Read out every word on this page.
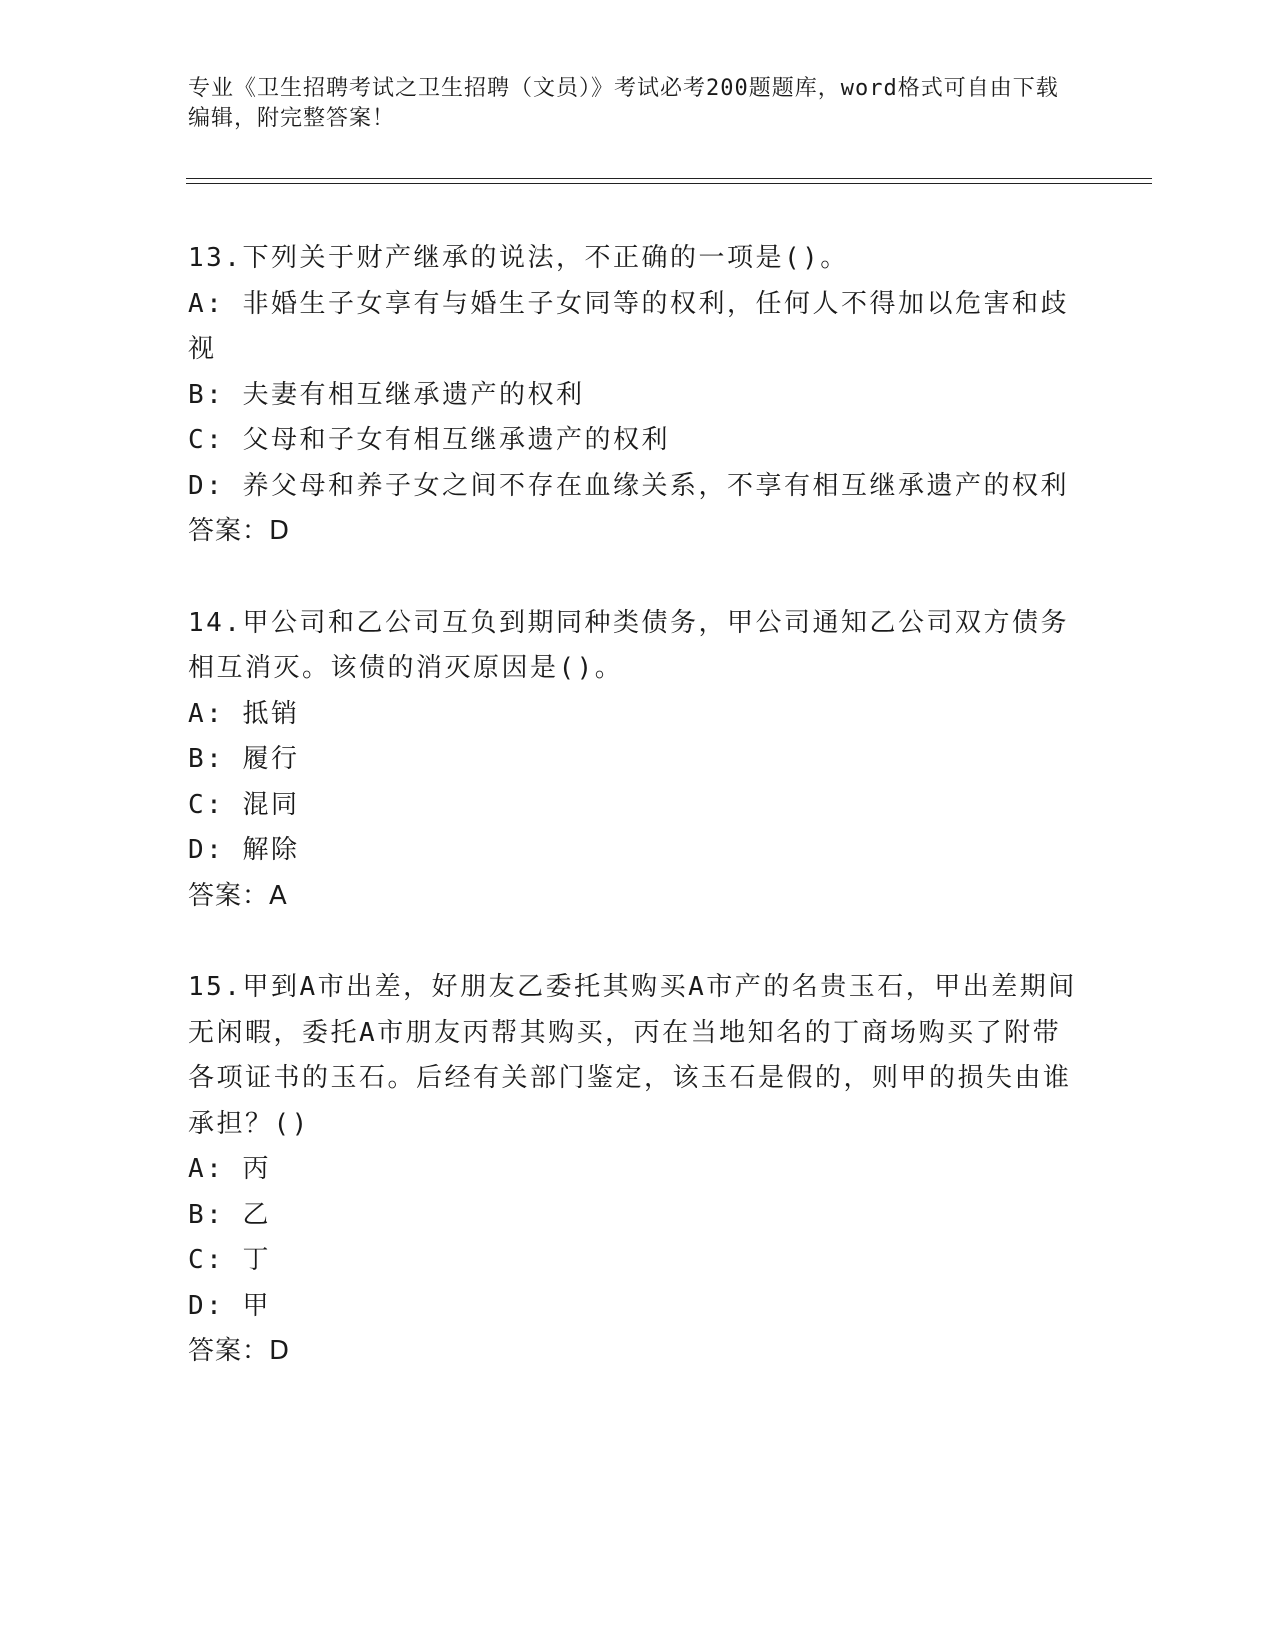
专业《卫生招聘考试之卫生招聘（文员）》考试必考200题题库，word格式可自由下载编辑，附完整答案！
13.下列关于财产继承的说法，不正确的一项是()。
A: 非婚生子女享有与婚生子女同等的权利，任何人不得加以危害和歧视
B: 夫妻有相互继承遗产的权利
C: 父母和子女有相互继承遗产的权利
D: 养父母和养子女之间不存在血缘关系，不享有相互继承遗产的权利
答案：D
14.甲公司和乙公司互负到期同种类债务，甲公司通知乙公司双方债务相互消灭。该债的消灭原因是()。
A: 抵销
B: 履行
C: 混同
D: 解除
答案：A
15.甲到A市出差，好朋友乙委托其购买A市产的名贵玉石，甲出差期间无闲暇，委托A市朋友丙帮其购买，丙在当地知名的丁商场购买了附带各项证书的玉石。后经有关部门鉴定，该玉石是假的，则甲的损失由谁承担？()
A: 丙
B: 乙
C: 丁
D: 甲
答案：D
